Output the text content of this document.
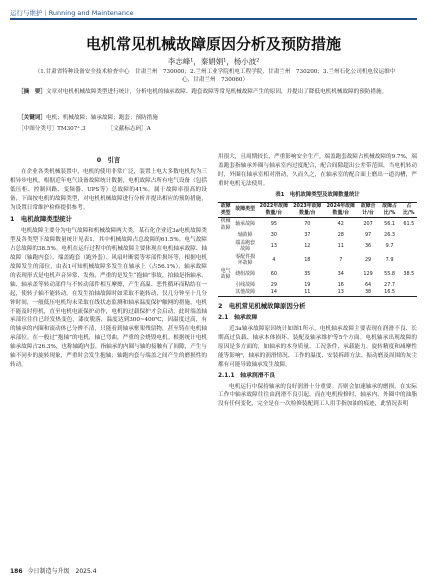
运行与维护 | Running and Maintenance
电机常见机械故障原因分析及预防措施
李志峰¹，秦娟娟¹，杨小波²
（1.甘肃省特种设备安全技术检查中心　甘肃兰州　730000；2.兰州工业学院机电工程学院，甘肃兰州　730200；3.兰州石化公司机电仪运维中心，甘肃兰州　730060）
［摘　要］文章对电机机械故障类型进行统计，分析电机的轴承故障、跑套故障等常见机械故障产生的原因，并提出了降低电机机械故障的预防措施。
［关键词］电机；机械故障；轴承故障；跑套；预防措施
［中图分类号］TM307⁺.3	［文献标志码］A
0　引言

在企业各类机械装置中，电机的使用非常广泛，装置上电大多数电机均为三相异步电机，根据近年电气设备故障统计数据，电机故障占所有电气设备（包括低压柜、控制回路、变频器、UPS等）总故障的41%。属于故障率很高的设备，下面按电机的故障类型，对电机机械故障进行分析并提出相应的预防措施，为设置日常维护检修提供参考。

1　电机故障类型统计

电机故障主要分为电气故障和机械故障两大类，某石化企业近3a电机故障类型及各类型下故障数量统计见表1，其中机械故障占总故障的61.5%。电气故障占总故障的38.5%。电机在运行过程中的机械故障主要体现在电机轴承故障、轴故障（轴跑内套）、端盖跑套（跑外套）、风扇叶断裂等零部件损坏等，根据电机故障发生的部位，由表1可知机械故障多发生在轴承上（占56.1%），轴承故障的表现形式是电机声音异常、发热，严重的是发生“抱轴”事故，拍轴是指轴承、轴、轴承盖等转动部件与不转动部件相互摩擦，产生高温、恶性循环而粘结在一起，使转子轴不能转动。在发生拍轴故障时如采取不能转动，仅几分钟至十几分钟时间，一般低压电机均未采取在线状态监测和轴承温度保护触网的措施，电机不能及时停机，直至电机电流保护动作，电机的过载保护才会启动，此时端盖轴承部位往往已经发热变色，漆皮脱落，温度达到300~400℃，因温度过高，有的轴承的内圈和滚动体已分辨不清，只能看到轴承框架残留物，甚至铸在电机轴承部位。在一般过“抱轴”的电机，轴已弯曲，严重的会烧毁电机。根据统计电机轴承故障占26.3%，也称轴跑内套，指轴承的内圈与轴的接触有了间隙，产生与轴不同步的旋转现象，严重时会发生抱轴；轴跑内套与端盖之间产生的磨损性的转动。

用很大，且周期较长，严重影响安全生产。端盖跑套故障占机械故障的9.7%，端盖跑套指轴承外圈与轴承室内过度配合，配合间隙超出公差带范围，当电机转动时，外圈在轴承室相对滑动，久而久之，在轴承室的配合面上磨出一道沟槽，严重时电机无法使用。

表1　电机故障类型及故障数量统计
故障类型	故障类型	2022年故障数量/台	2023年故障数量/台	2024年故障数量/台	故障合计/台	故障占比/%	占比/%
机械故障	轴承故障	95	70	42	207	56.1	61.5
	轴故障	30	37	28	97	26.3	
	端盖跑套故障	13	12	11	36	9.7	
	零配件损坏故障	4	18	7	29	7.9	
电气故障	绕组故障	60	35	34	129	55.8	38.5
	引线故障	29	19	16	64	27.7	
	其他故障	14	11	13	38	16.5	
2　电机常见机械故障原因分析
2.1　轴承故障

近3a轴承故障原因统计如图1所示。电机轴承故障主要表现在润滑不良、长期高过负载、轴承本体损坏、装配及轴承维护等5个方面。电机轴承出现故障的原因是多方面的，如轴承的本身质量、工况条件、承载能力、旋转精度和减摩性能等影响⁶，轴承的润滑情况、工作的温度、安装拆卸方法、振动磨及周围的灰尘都有可能导致轴承发生故障。

2.1.1　轴承润滑不良

电机运行中保持轴承的良好润滑十分重要。否则会加速轴承的磨损，在实际工作中轴承故障往往由润滑不良引起，而在电机检修时，轴承内、外圈中的油脂没有任何变化，完全是在一次检修装配到工人用手指加油的痕迹，此情况表明

186 今日制造与升级　2025.4
